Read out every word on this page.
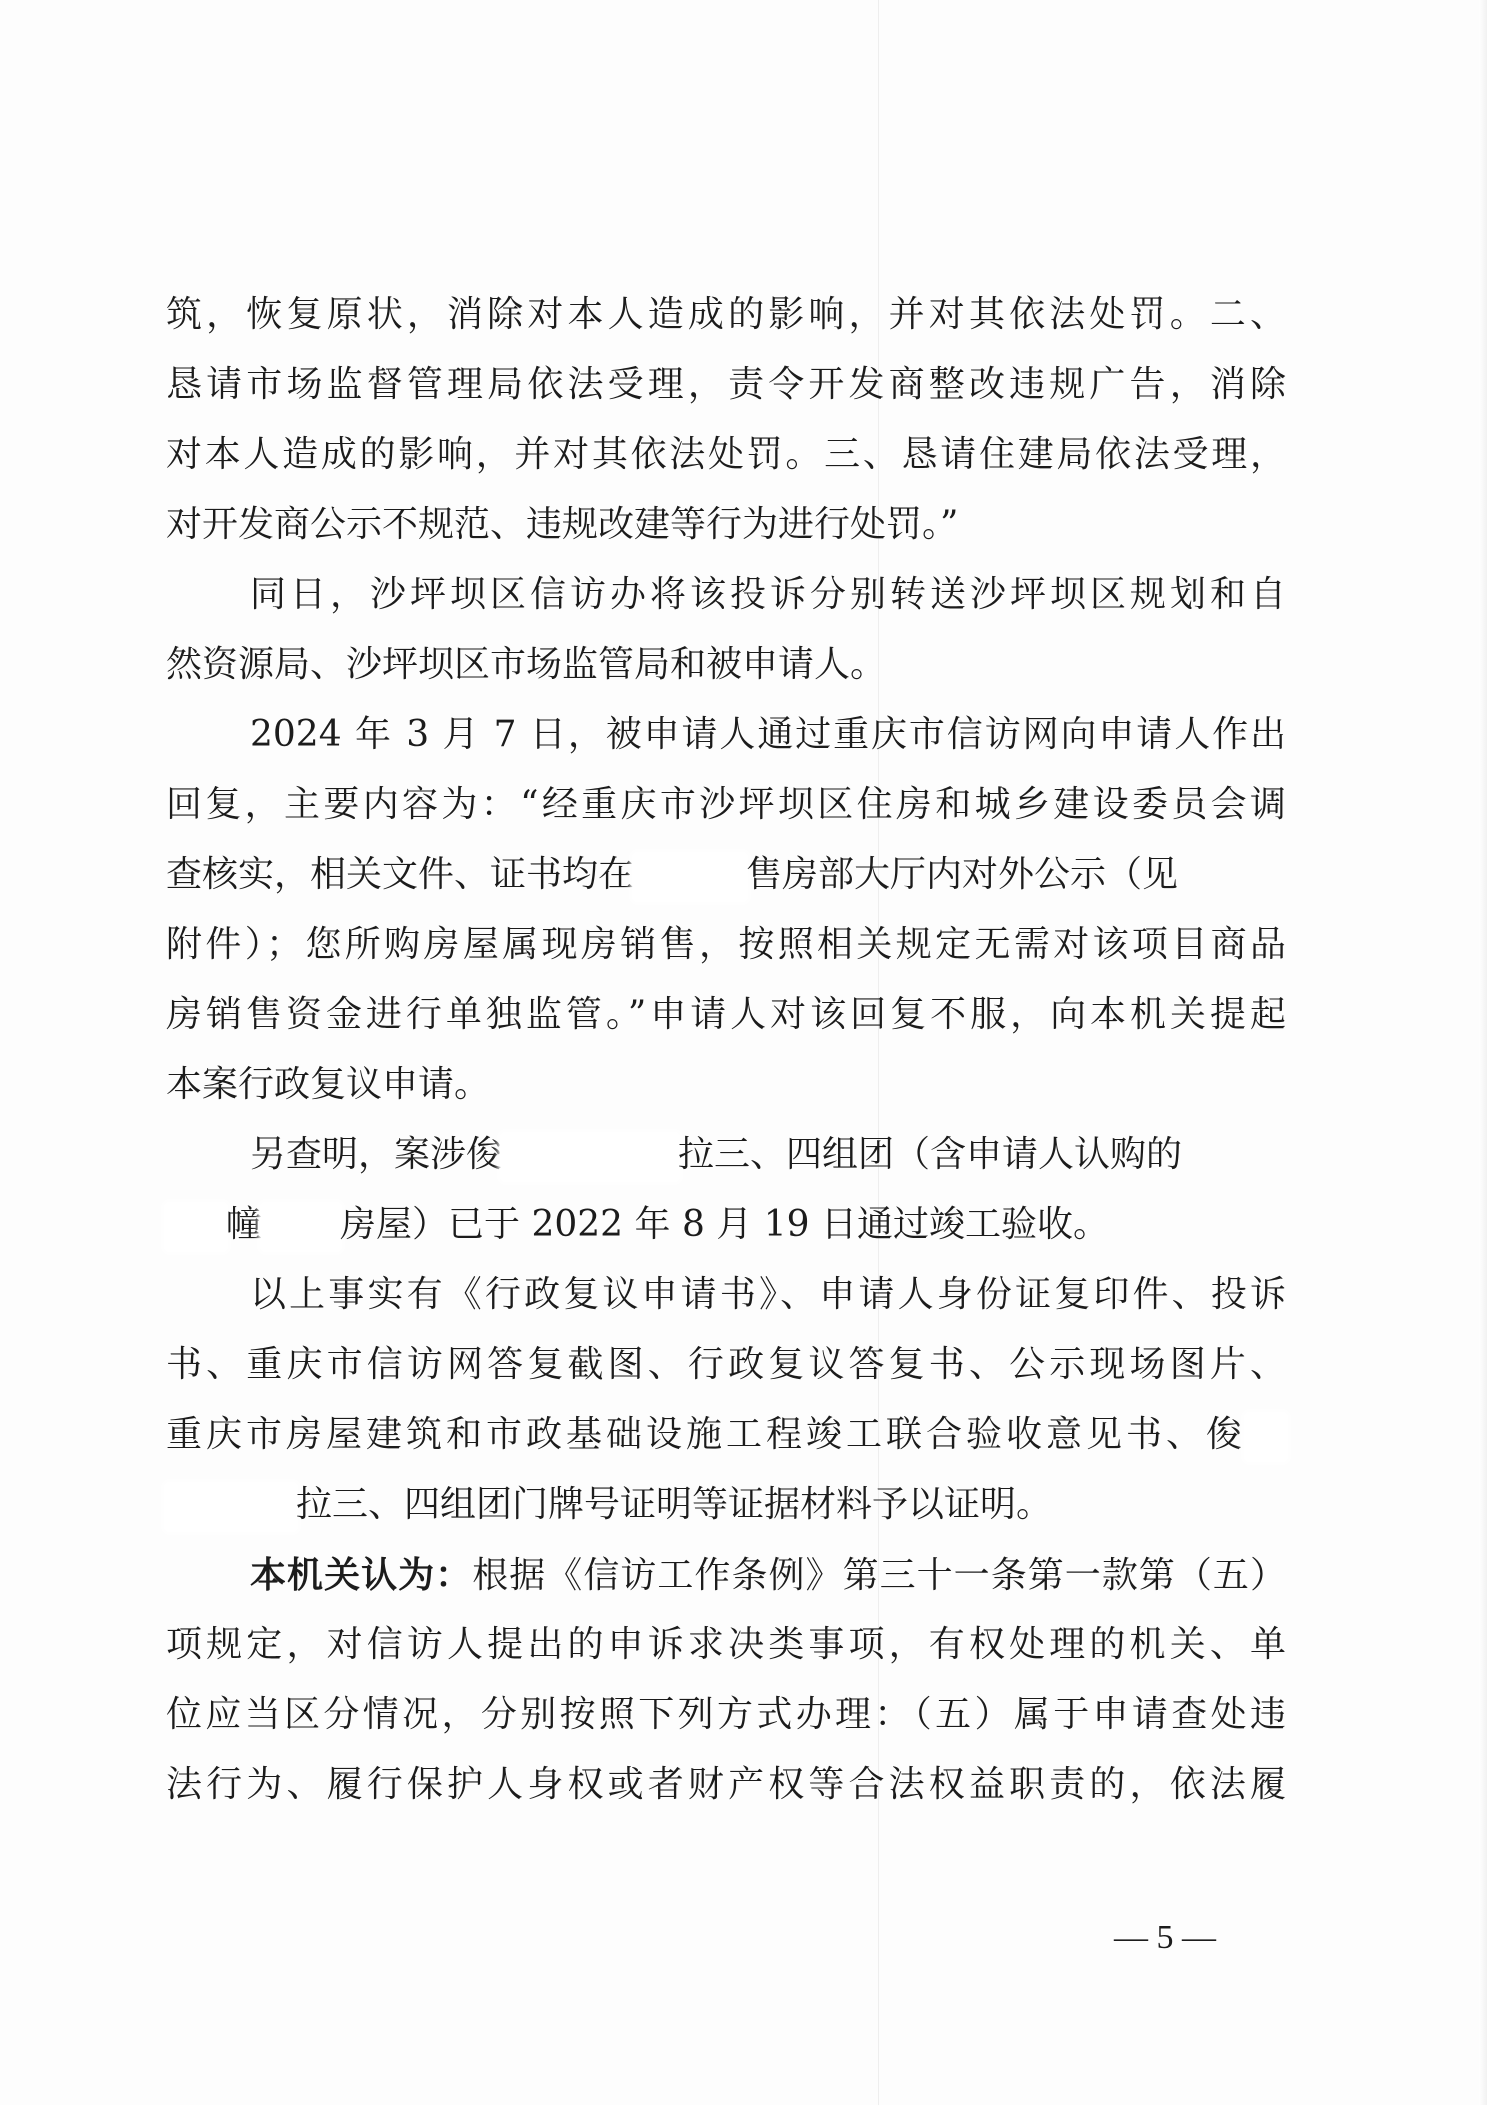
筑，恢复原状，消除对本人造成的影响，并对其依法处罚。二、
恳请市场监督管理局依法受理，责令开发商整改违规广告，消除
对本人造成的影响，并对其依法处罚。三、恳请住建局依法受理，
对开发商公示不规范、违规改建等行为进行处罚。”
同日，沙坪坝区信访办将该投诉分别转送沙坪坝区规划和自
然资源局、沙坪坝区市场监管局和被申请人。
2024 年 3 月 7 日，被申请人通过重庆市信访网向申请人作出
回复，主要内容为：“经重庆市沙坪坝区住房和城乡建设委员会调
查核实，相关文件、证书均在	售房部大厅内对外公示（见
附件）；您所购房屋属现房销售，按照相关规定无需对该项目商品
房销售资金进行单独监管。”申请人对该回复不服，向本机关提起
本案行政复议申请。
另查明，案涉俊	拉三、四组团（含申请人认购的
幢 房屋）已于 2022 年 8 月 19 日通过竣工验收。
以上事实有《行政复议申请书》、申请人身份证复印件、投诉
书、重庆市信访网答复截图、行政复议答复书、公示现场图片、
重庆市房屋建筑和市政基础设施工程竣工联合验收意见书、俊
拉三、四组团门牌号证明等证据材料予以证明。
本机关认为：根据《信访工作条例》第三十一条第一款第（五）
项规定，对信访人提出的申诉求决类事项，有权处理的机关、单
位应当区分情况，分别按照下列方式办理：（五）属于申请查处违
法行为、履行保护人身权或者财产权等合法权益职责的，依法履
— 5 —
